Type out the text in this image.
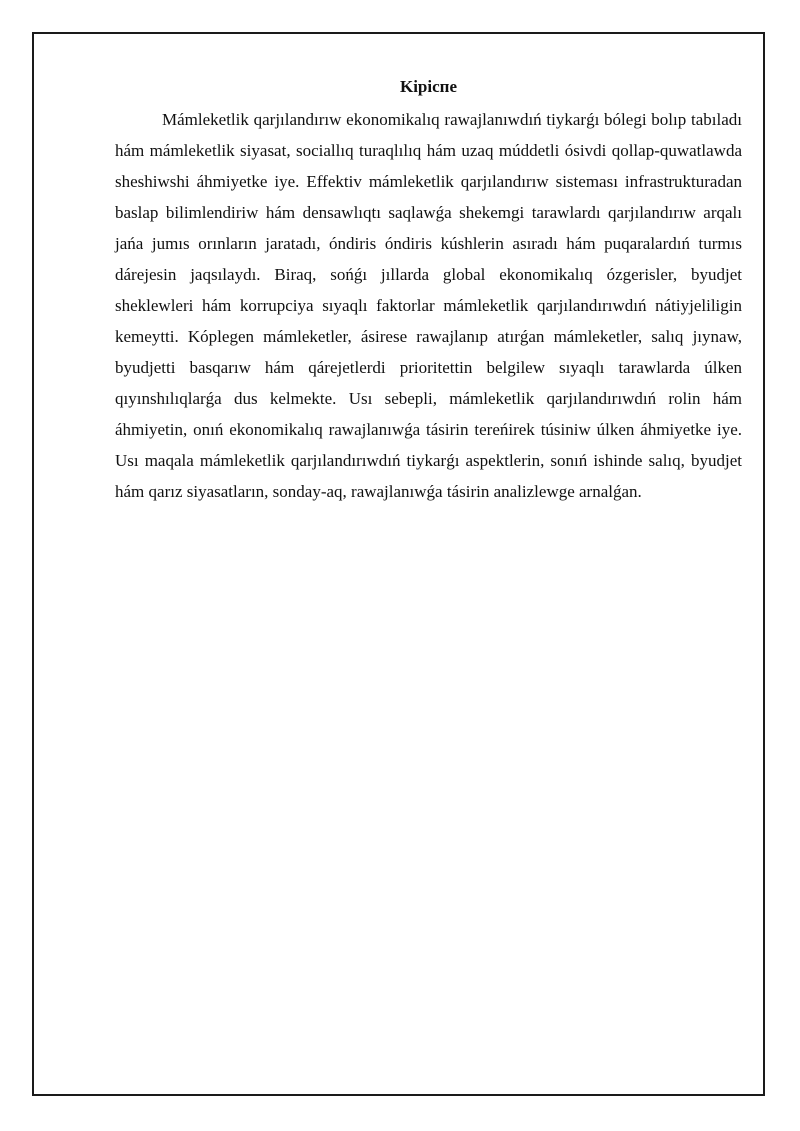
Kipicпe

Mámleketlik qarjılandırıw ekonomikalıq rawajlanıwdıń tiykarǵı bólegi bolıp tabıladı hám mámleketlik siyasat, sociallıq turaqlılıq hám uzaq múddetli ósivdi qollap-quwatlawda sheshiwshi áhmiyetke iye. Effektiv mámleketlik qarjılandırıw sisteması infrastrukturadan baslap bilimlendiriw hám densawlıqtı saqlawǵa shekemgi tarawlardı qarjılandırıw arqalı jańa jumıs orınların jaratadı, óndiris óndiris kúshlerin asıradı hám puqaralardıń turmıs dárejesin jaqsılaydı. Biraq, sońǵı jıllarda global ekonomikalıq ózgerisler, byudjet sheklewleri hám korrupciya sıyaqlı faktorlar mámleketlik qarjılandırıwdıń nátiyjeliligin kemeytti. Kóplegen mámleketler, ásirese rawajlanıp atırǵan mámleketler, salıq jıynaw, byudjetti basqarıw hám qárejetlerdi prioritettin belgilew sıyaqlı tarawlarda úlken qıyınshılıqlarǵa dus kelmekte. Usı sebepli, mámleketlik qarjılandırıwdıń rolin hám áhmiyetin, onıń ekonomikalıq rawajlanıwǵa tásirin tereńirek túsiniw úlken áhmiyetke iye. Usı maqala mámleketlik qarjılandırıwdıń tiykarǵı aspektlerin, sonıń ishinde salıq, byudjet hám qarız siyasatların, sonday-aq, rawajlanıwǵa tásirin analizlewge arnalǵan.
